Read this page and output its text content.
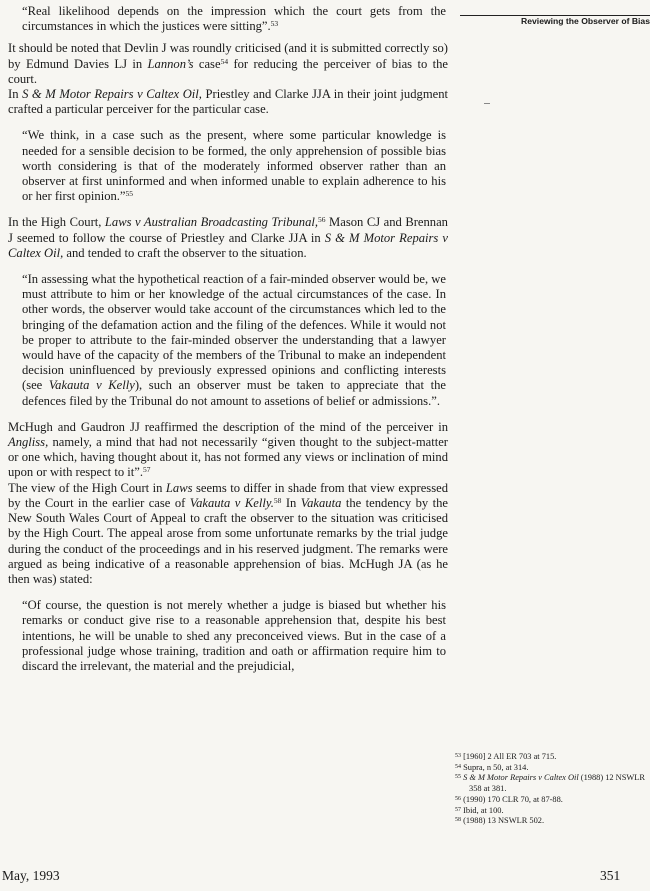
Reviewing the Observer of Bias

“Real likelihood depends on the impression which the court gets from the circumstances in which the justices were sitting”.$^{53}$

It should be noted that Devlin J was roundly criticised (and it is submitted correctly so) by Edmund Davies LJ in Lannon’s case$^{54}$ for reducing the perceiver of bias to the court.

In S & M Motor Repairs v Caltex Oil, Priestley and Clarke JJA in their joint judgment crafted a particular perceiver for the particular case.

“We think, in a case such as the present, where some particular knowledge is needed for a sensible decision to be formed, the only apprehension of possible bias worth considering is that of the moderately informed observer rather than an observer at first uninformed and when informed unable to explain adherence to his or her first opinion.”$^{55}$

In the High Court, Laws v Australian Broadcasting Tribunal,$^{56}$ Mason CJ and Brennan J seemed to follow the course of Priestley and Clarke JJA in S & M Motor Repairs v Caltex Oil, and tended to craft the observer to the situation.

“In assessing what the hypothetical reaction of a fair-minded observer would be, we must attribute to him or her knowledge of the actual circumstances of the case. In other words, the observer would take account of the circumstances which led to the bringing of the defamation action and the filing of the defences. While it would not be proper to attribute to the fair-minded observer the understanding that a lawyer would have of the capacity of the members of the Tribunal to make an independent decision uninfluenced by previously expressed opinions and conflicting interests (see Vakauta v Kelly), such an observer must be taken to appreciate that the defences filed by the Tribunal do not amount to assetions of belief or admissions.”.

McHugh and Gaudron JJ reaffirmed the description of the mind of the perceiver in Angliss, namely, a mind that had not necessarily “given thought to the subject-matter or one which, having thought about it, has not formed any views or inclination of mind upon or with respect to it”.$^{57}$

The view of the High Court in Laws seems to differ in shade from that view expressed by the Court in the earlier case of Vakauta v Kelly.$^{58}$ In Vakauta the tendency by the New South Wales Court of Appeal to craft the observer to the situation was criticised by the High Court. The appeal arose from some unfortunate remarks by the trial judge during the conduct of the proceedings and in his reserved judgment. The remarks were argued as being indicative of a reasonable apprehension of bias. McHugh JA (as he then was) stated:

“Of course, the question is not merely whether a judge is biased but whether his remarks or conduct give rise to a reasonable apprehension that, despite his best intentions, he will be unable to shed any preconceived views. But in the case of a professional judge whose training, tradition and oath or affirmation require him to discard the irrelevant, the material and the prejudicial,

$^{53}$ [1960] 2 All ER 703 at 715.

$^{54}$ Supra, n 50, at 314.

$^{55}$ S & M Motor Repairs v Caltex Oil (1988) 12 NSWLR 358 at 381.

$^{56}$ (1990) 170 CLR 70, at 87-88.

$^{57}$ Ibid, at 100.

$^{58}$ (1988) 13 NSWLR 502.

May, 1993	351
